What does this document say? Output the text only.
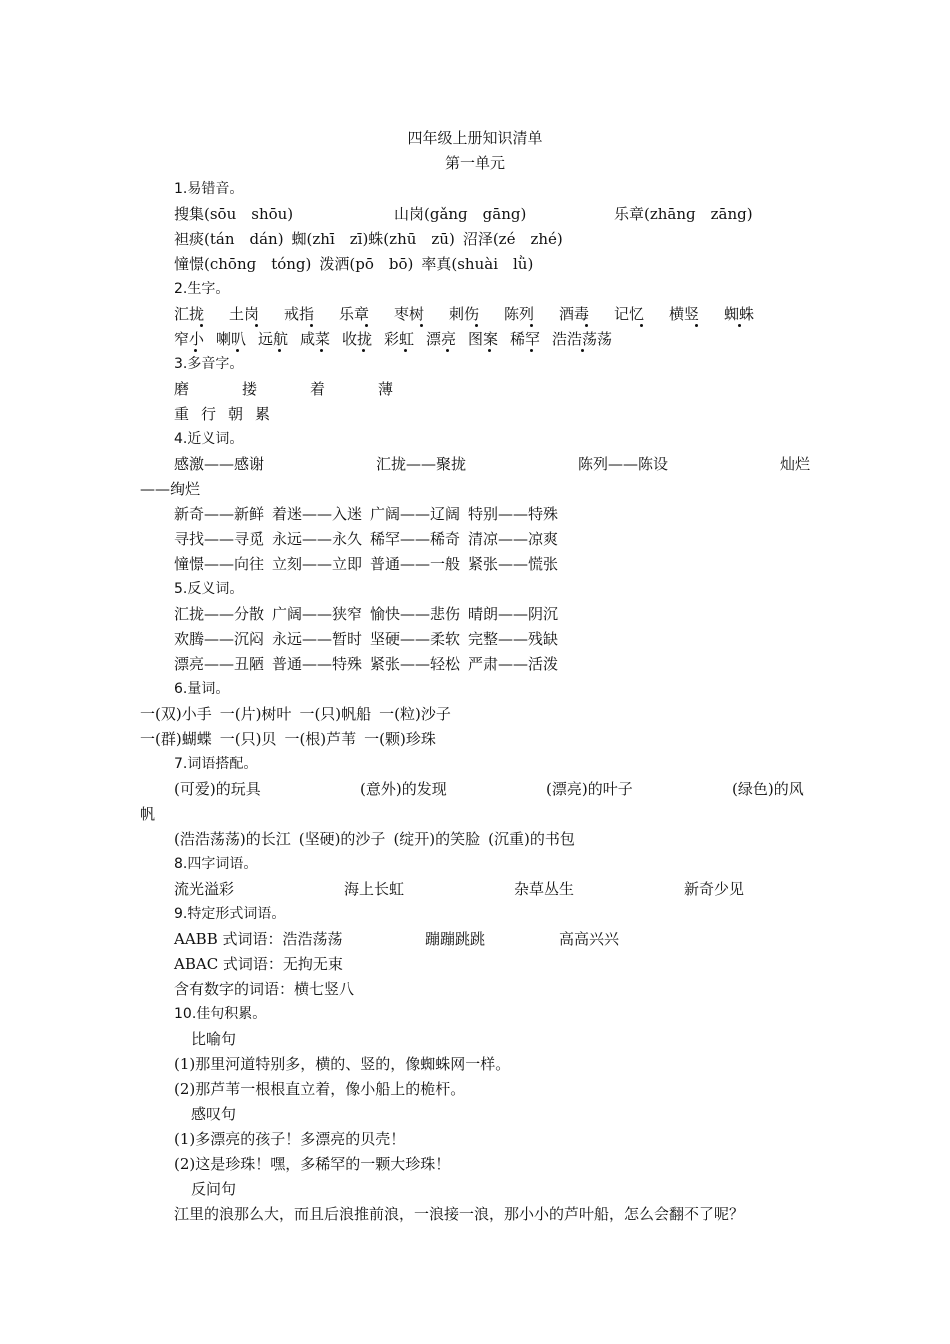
四年级上册知识清单
第一单元
1.易错音。
搜集(sōu　shōu)	山岗(gǎnɡ　gāng)	乐章(zhānɡ　zāng)
袒痰(tán　dán) 蜘(zhī　zī)蛛(zhū　zū) 沼泽(zé　zhé)
憧憬(chōnɡ　tóng) 泼洒(pō　bō) 率真(shuài　lǜ)
2.生字。
汇拢 土岗 戒指 乐章 枣树 刺伤 陈列 酒毒 记忆 横竖 蜘蛛
窄小 喇叭 远航 咸菜 收拢 彩虹 漂亮 图案 稀罕 浩浩荡荡
3.多音字。
磨	搂	着	薄
重 行 朝 累
4.近义词。
感激——感谢	汇拢——聚拢	陈列——陈设	灿烂
——绚烂
新奇——新鲜 着迷——入迷 广阔——辽阔 特别——特殊
寻找——寻觅 永远——永久 稀罕——稀奇 清凉——凉爽
憧憬——向往 立刻——立即 普通——一般 紧张——慌张
5.反义词。
汇拢——分散 广阔——狭窄 愉快——悲伤 晴朗——阴沉
欢腾——沉闷 永远——暂时 坚硬——柔软 完整——残缺
漂亮——丑陋 普通——特殊 紧张——轻松 严肃——活泼
6.量词。
一(双)小手 一(片)树叶 一(只)帆船 一(粒)沙子
一(群)蝴蝶 一(只)贝 一(根)芦苇 一(颗)珍珠
7.词语搭配。
(可爱)的玩具	(意外)的发现	(漂亮)的叶子	(绿色)的风
帆
(浩浩荡荡)的长江 (坚硬)的沙子 (绽开)的笑脸 (沉重)的书包
8.四字词语。
流光溢彩	海上长虹	杂草丛生	新奇少见
9.特定形式词语。
AABB 式词语：浩浩荡荡	蹦蹦跳跳	高高兴兴
ABAC 式词语：无拘无束
含有数字的词语：横七竖八
10.佳句积累。
比喻句
(1)那里河道特别多，横的、竖的，像蜘蛛网一样。
(2)那芦苇一根根直立着，像小船上的桅杆。
感叹句
(1)多漂亮的孩子！多漂亮的贝壳！
(2)这是珍珠！嘿，多稀罕的一颗大珍珠！
反问句
江里的浪那么大，而且后浪推前浪，一浪接一浪，那小小的芦叶船，怎么会翻不了呢？
